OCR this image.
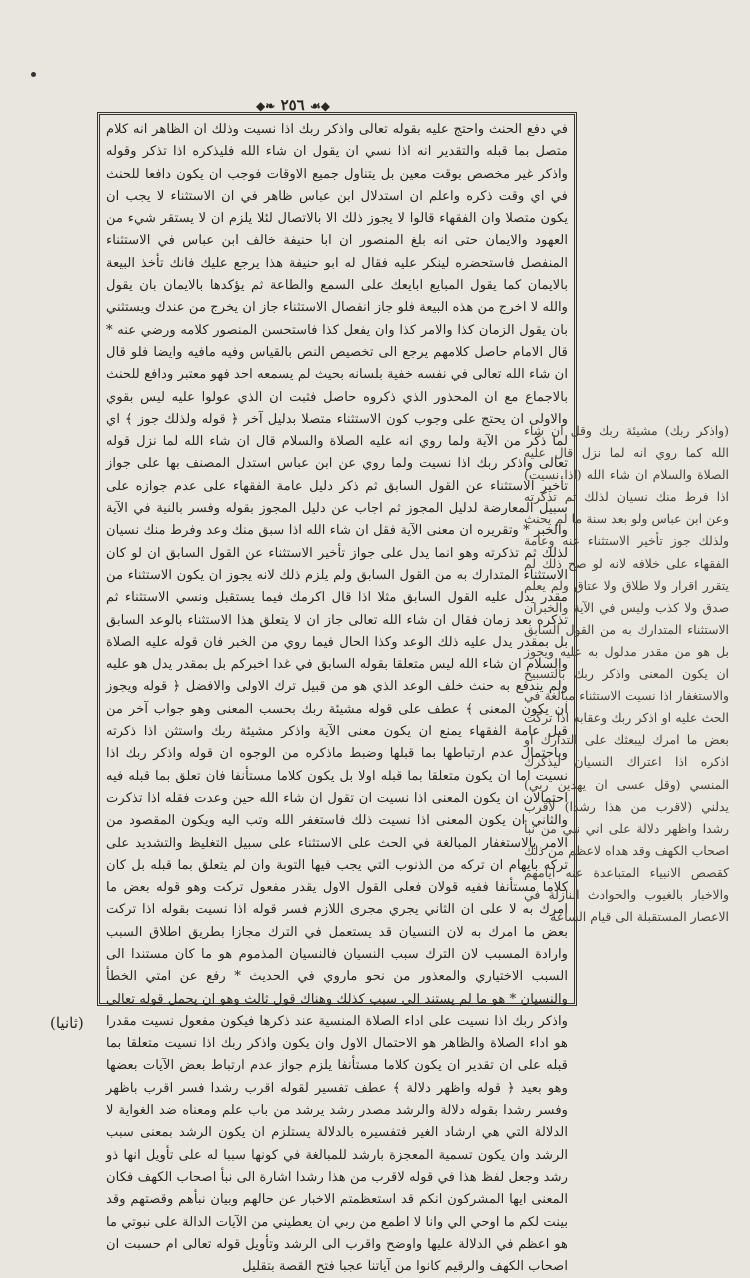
◆❧ ٢٥٦ ☙◆
في دفع الحنث واحتج عليه بقوله تعالى واذكر ربك اذا نسيت وذلك ان الظاهر انه كلام متصل بما قبله والتقدير انه اذا نسي ان يقول ان شاء الله فليذكره اذا تذكر وقوله واذكر غير مخصص بوقت معين بل يتناول جميع الاوقات فوجب ان يكون دافعا للحنث في اي وقت ذكره واعلم ان استدلال ابن عباس ظاهر في ان الاستثناء لا يجب ان يكون متصلا وان الفقهاء قالوا لا يجوز ذلك الا بالاتصال لئلا يلزم ان لا يستقر شيء من العهود والايمان حتى انه بلغ المنصور ان ابا حنيفة خالف ابن عباس في الاستثناء المنفصل فاستحضره لينكر عليه فقال له ابو حنيفة هذا يرجع عليك فانك تأخذ البيعة بالايمان كما يقول المبايع ابايعك على السمع والطاعة ثم يؤكدها بالايمان بان يقول والله لا اخرج من هذه البيعة فلو جاز انفصال الاستثناء جاز ان يخرج من عندك ويستثني بان يقول الزمان كذا والامر كذا وان يفعل كذا فاستحسن المنصور كلامه ورضي عنه * قال الامام حاصل كلامهم يرجع الى تخصيص النص بالقياس وفيه مافيه وايضا فلو قال ان شاء الله تعالى في نفسه خفية بلسانه بحيث لم يسمعه احد فهو معتبر ودافع للحنث بالاجماع مع ان المحذور الذي ذكروه حاصل فثبت ان الذي عولوا عليه ليس بقوي والاولى ان يحتج على وجوب كون الاستثناء متصلا بدليل آخر ﴿ قوله ولذلك جوز ﴾ اي لما ذكر من الآية ولما روي انه عليه الصلاة والسلام قال ان شاء الله لما نزل قوله تعالى واذكر ربك اذا نسيت ولما روي عن ابن عباس استدل المصنف بها على جواز تأخير الاستثناء عن القول السابق ثم ذكر دليل عامة الفقهاء على عدم جوازه على سبيل المعارضة لدليل المجوز ثم اجاب عن دليل المجوز بقوله وفسر بالنية في الآية والخبر * وتقريره ان معنى الآية فقل ان شاء الله اذا سبق منك وعد وفرط منك نسيان لذلك ثم تذكرته وهو انما يدل على جواز تأخير الاستثناء عن القول السابق ان لو كان الاستثناء المتدارك به من القول السابق ولم يلزم ذلك لانه يجوز ان يكون الاستثناء من مقدر يدل عليه القول السابق مثلا اذا قال اكرمك فيما يستقبل ونسي الاستثناء ثم تذكره بعد زمان فقال ان شاء الله تعالى جاز ان لا يتعلق هذا الاستثناء بالوعد السابق بل بمقدر يدل عليه ذلك الوعد وكذا الحال فيما روي من الخبر فان قوله عليه الصلاة والسلام ان شاء الله ليس متعلقا بقوله السابق في غدا اخبركم بل بمقدر يدل هو عليه ولم يندفع به حنث خلف الوعد الذي هو من قبيل ترك الاولى والافضل ﴿ قوله ويجوز ان يكون المعنى ﴾ عطف على قوله مشيئة ربك بحسب المعنى وهو جواب آخر من قبل عامة الفقهاء يمنع ان يكون معنى الآية واذكر مشيئة ربك واستثن اذا ذكرته وباحتمال عدم ارتباطها بما قبلها وضبط ماذكره من الوجوه ان قوله واذكر ربك اذا نسيت اما ان يكون متعلقا بما قبله اولا بل يكون كلاما مستأنفا فان تعلق بما قبله فيه احتمالان ان يكون المعنى اذا نسيت ان تقول ان شاء الله حين وعدت فقله اذا تذكرت والثاني ان يكون المعنى اذا نسيت ذلك فاستغفر الله وتب اليه ويكون المقصود من الامر بالاستغفار المبالغة في الحث على الاستثناء على سبيل التغليظ والتشديد على تركه بايهام ان تركه من الذنوب التي يجب فيها التوبة وان لم يتعلق بما قبله بل كان كلاما مستأنفا ففيه قولان فعلى القول الاول يقدر مفعول تركت وهو قوله بعض ما امرك به لا على ان الثاني يجري مجرى اللازم فسر قوله اذا نسيت بقوله اذا تركت بعض ما امرك به لان النسيان قد يستعمل في الترك مجازا بطريق اطلاق السبب وارادة المسبب لان الترك سبب النسيان فالنسيان المذموم هو ما كان مستندا الى السبب الاختياري والمعذور من نحو ماروي في الحديث * رفع عن امتي الخطأ والنسيان * هو ما لم يستند الى سبب كذلك وهناك قول ثالث وهو ان يحمل قوله تعالى واذكر ربك اذا نسيت على اداء الصلاة المنسية عند ذكرها فيكون مفعول نسيت مقدرا هو اداء الصلاة والظاهر هو الاحتمال الاول وان يكون واذكر ربك اذا نسيت متعلقا بما قبله على ان تقدير ان يكون كلاما مستأنفا يلزم جواز عدم ارتباط بعض الآيات بعضها وهو بعيد ﴿ قوله واظهر دلالة ﴾ عطف تفسير لقوله اقرب رشدا فسر اقرب باظهر وفسر رشدا بقوله دلالة والرشد مصدر رشد يرشد من باب علم ومعناه ضد الغواية لا الدلالة التي هي ارشاد الغير فتفسيره بالدلالة يستلزم ان يكون الرشد بمعنى سبب الرشد وان يكون تسمية المعجزة بارشد للمبالغة في كونها سببا له على تأويل انها ذو رشد وجعل لفظ هذا في قوله لاقرب من هذا رشدا اشارة الى نبأ اصحاب الكهف فكان المعنى ايها المشركون انكم قد استعظمتم الاخبار عن حالهم وبيان نبأهم وقصتهم وقد بينت لكم ما اوحي الي وانا لا اطمع من ربي ان يعطيني من الآيات الدالة على نبوتي ما هو اعظم في الدلالة عليها واوضح واقرب الى الرشد وتأويل قوله تعالى ام حسبت ان اصحاب الكهف والرقيم كانوا من آياتنا عجبا فتح القصة بتقليل
(واذكر ربك) مشيئة ربك وقل ان شاء الله كما روي انه لما نزل قال عليه الصلاة والسلام ان شاء الله (اذا نسيت) اذا فرط منك نسيان لذلك ثم تذكرته وعن ابن عباس ولو بعد سنة ما لم يحنث ولذلك جوز تأخير الاستثناء عنه وعامة الفقهاء على خلافه لانه لو صح ذلك لم يتقرر اقرار ولا طلاق ولا عتاق ولم يعلم صدق ولا كذب وليس في الآية والخبران الاستثناء المتدارك به من القول السابق بل هو من مقدر مدلول به عليه ويجوز ان يكون المعنى واذكر ربك بالتسبيح والاستغفار اذا نسيت الاستثناء مبالغة في الحث عليه او اذكر ربك وعقابه اذا تركت بعض ما امرك ليبعثك على التدارك او اذكره اذا اعتراك النسيان ليذكرك المنسي (وقل عسى ان يهدين ربي) يدلني (لاقرب من هذا رشدا) لاقرب رشدا واظهر دلالة على اني نبي من نبأ اصحاب الكهف وقد هداه لاعظم من ذلك كقصص الانبياء المتباعدة عنه ايامهم والاخبار بالغيوب والحوادث النازلة في الاعصار المستقبلة الى قيام الساعة
(ثانيا)
